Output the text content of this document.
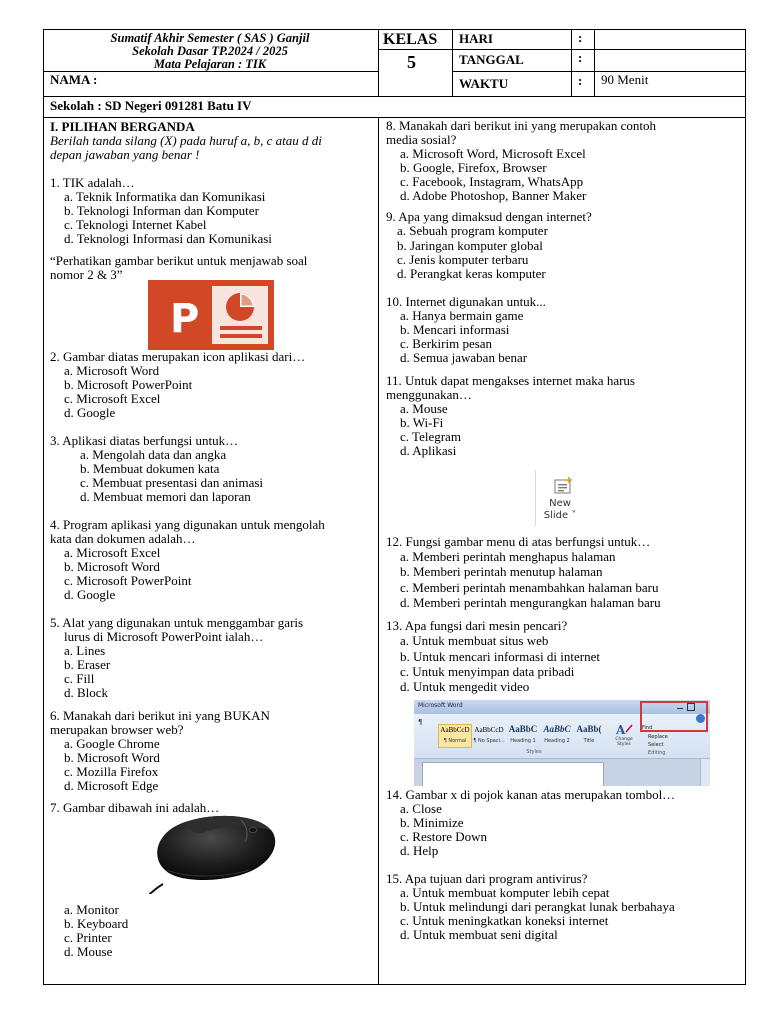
Sumatif Akhir Semester ( SAS ) Ganjil
Sekolah Dasar TP.2024 / 2025
Mata Pelajaran : TIK
KELAS
5
HARI
TANGGAL
WAKTU
:
:
: 90 Menit
NAMA :
Sekolah : SD Negeri 091281 Batu IV
I. PILIHAN BERGANDA
Berilah tanda silang (X) pada huruf a, b, c atau d di
depan jawaban yang benar !
1. TIK adalah…
a. Teknik Informatika dan Komunikasi
b. Teknologi Informan dan Komputer
c. Teknologi Internet Kabel
d. Teknologi Informasi dan Komunikasi
“Perhatikan gambar berikut untuk menjawab soal
nomor 2 & 3”
P
2. Gambar diatas merupakan icon aplikasi dari…
a. Microsoft Word
b. Microsoft PowerPoint
c. Microsoft Excel
d. Google
3. Aplikasi diatas berfungsi untuk…
a. Mengolah data dan angka
b. Membuat dokumen kata
c. Membuat presentasi dan animasi
d. Membuat memori dan laporan
4. Program aplikasi yang digunakan untuk mengolah
kata dan dokumen adalah…
a. Microsoft Excel
b. Microsoft Word
c. Microsoft PowerPoint
d. Google
5. Alat yang digunakan untuk menggambar garis
lurus di Microsoft PowerPoint ialah…
a. Lines
b. Eraser
c. Fill
d. Block
6. Manakah dari berikut ini yang BUKAN
merupakan browser web?
a. Google Chrome
b. Microsoft Word
c. Mozilla Firefox
d. Microsoft Edge
7. Gambar dibawah ini adalah…
a. Monitor
b. Keyboard
c. Printer
d. Mouse
8. Manakah dari berikut ini yang merupakan contoh
media sosial?
a. Microsoft Word, Microsoft Excel
b. Google, Firefox, Browser
c. Facebook, Instagram, WhatsApp
d. Adobe Photoshop, Banner Maker
9. Apa yang dimaksud dengan internet?
a. Sebuah program komputer
b. Jaringan komputer global
c. Jenis komputer terbaru
d. Perangkat keras komputer
10. Internet digunakan untuk...
a. Hanya bermain game
b. Mencari informasi
c. Berkirim pesan
d. Semua jawaban benar
11. Untuk dapat mengakses internet maka harus
menggunakan…
a. Mouse
b. Wi-Fi
c. Telegram
d. Aplikasi
New
Slide ˅
12. Fungsi gambar menu di atas berfungsi untuk…
a. Memberi perintah menghapus halaman
b. Memberi perintah menutup halaman
c. Memberi perintah menambahkan halaman baru
d. Memberi perintah mengurangkan halaman baru
13. Apa fungsi dari mesin pencari?
a. Untuk membuat situs web
b. Untuk mencari informasi di internet
c. Untuk menyimpan data pribadi
d. Untuk mengedit video
Microsoft Word
¶
AaBbCcD
¶ Normal
AaBbCcD
¶ No Spaci...
AaBbC
Heading 1
AaBbC
Heading 2
AaBb(
Title
A
Change Styles
Styles
Find
Replace
Select
Editing
14. Gambar x di pojok kanan atas merupakan tombol…
a. Close
b. Minimize
c. Restore Down
d. Help
15. Apa tujuan dari program antivirus?
a. Untuk membuat komputer lebih cepat
b. Untuk melindungi dari perangkat lunak berbahaya
c. Untuk meningkatkan koneksi internet
d. Untuk membuat seni digital
